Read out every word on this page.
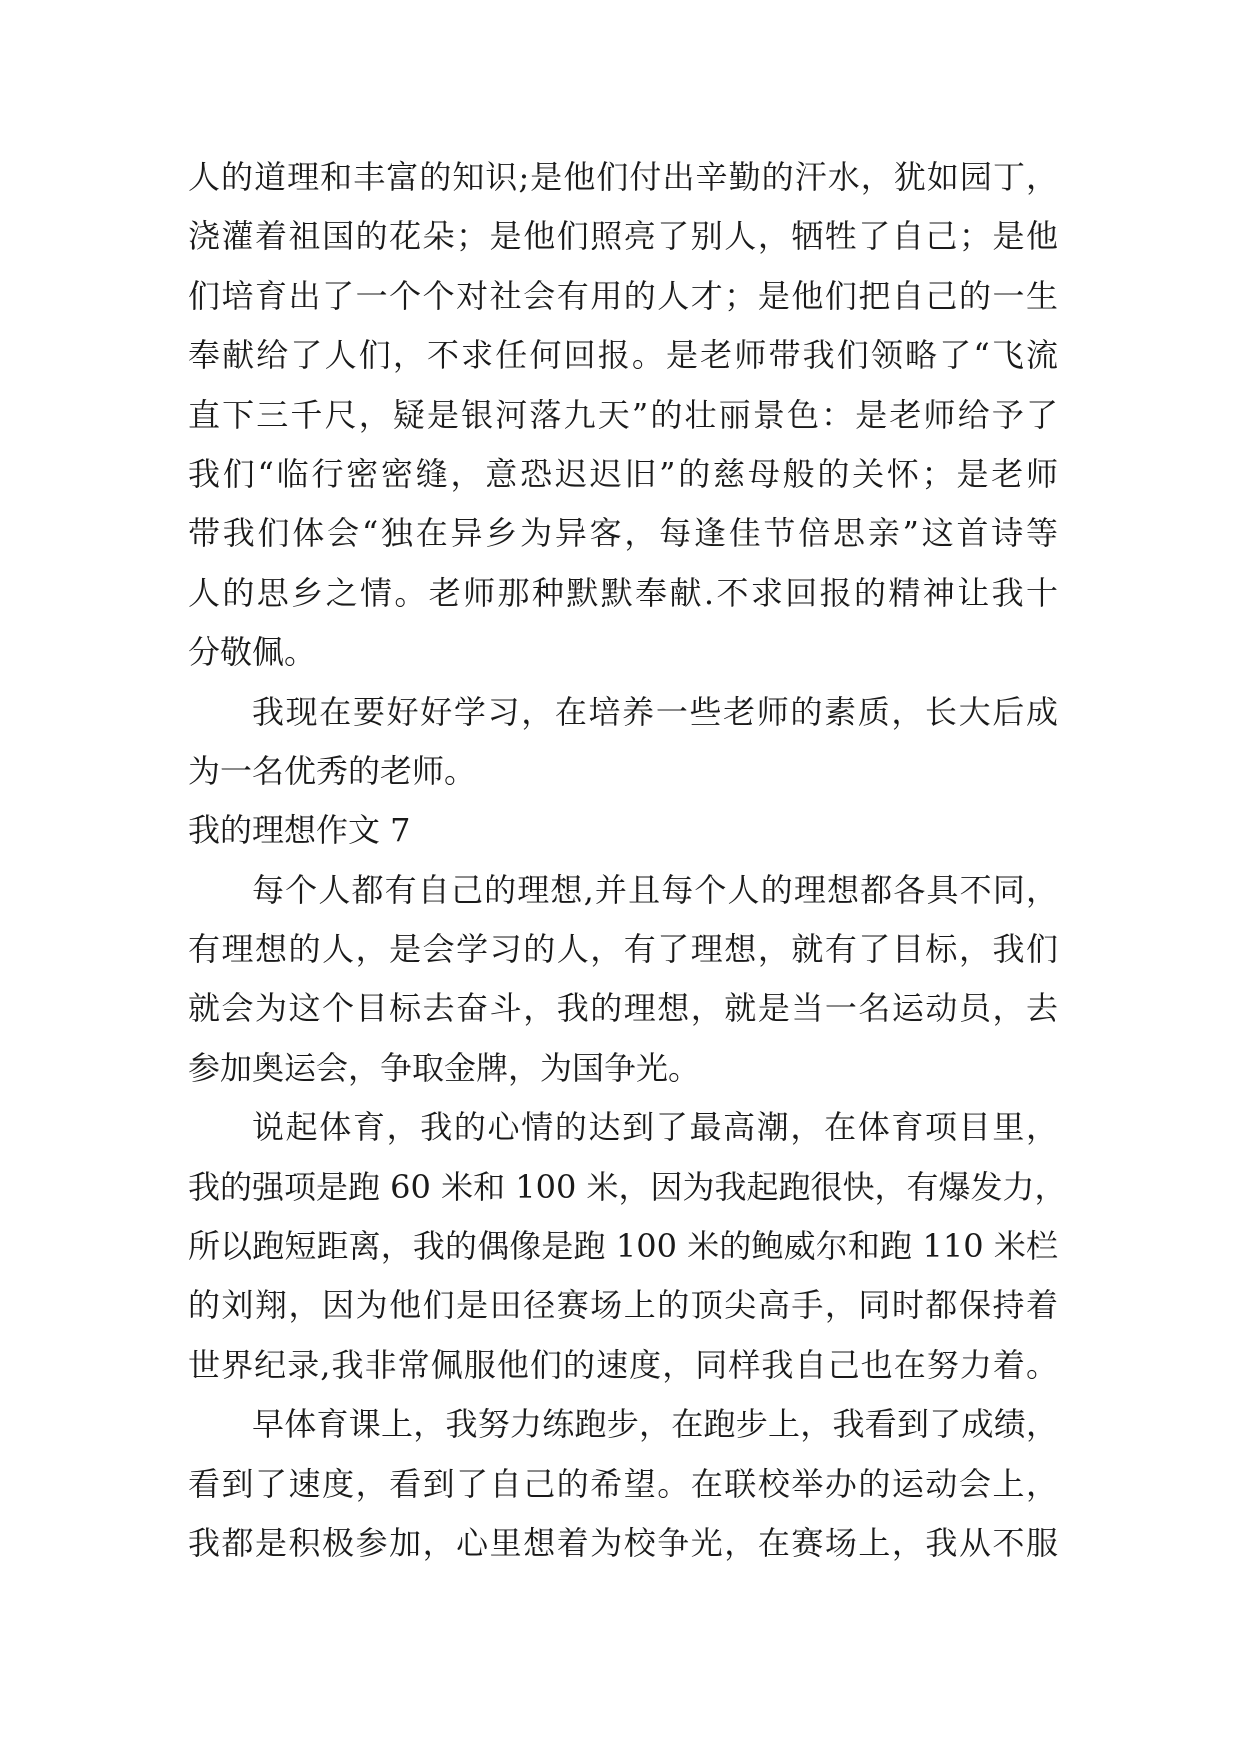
人的道理和丰富的知识;是他们付出辛勤的汗水，犹如园丁，
浇灌着祖国的花朵；是他们照亮了别人，牺牲了自己；是他
们培育出了一个个对社会有用的人才；是他们把自己的一生
奉献给了人们，不求任何回报。是老师带我们领略了“飞流
直下三千尺，疑是银河落九天”的壮丽景色：是老师给予了
我们“临行密密缝，意恐迟迟旧”的慈母般的关怀；是老师
带我们体会“独在异乡为异客，每逢佳节倍思亲”这首诗等
人的思乡之情。老师那种默默奉献.不求回报的精神让我十
分敬佩。
我现在要好好学习，在培养一些老师的素质，长大后成
为一名优秀的老师。
我的理想作文 7
每个人都有自己的理想,并且每个人的理想都各具不同，
有理想的人，是会学习的人，有了理想，就有了目标，我们
就会为这个目标去奋斗，我的理想，就是当一名运动员，去
参加奥运会，争取金牌，为国争光。
说起体育，我的心情的达到了最高潮，在体育项目里，
我的强项是跑 60 米和 100 米，因为我起跑很快，有爆发力，
所以跑短距离，我的偶像是跑 100 米的鲍威尔和跑 110 米栏
的刘翔，因为他们是田径赛场上的顶尖高手，同时都保持着
世界纪录,我非常佩服他们的速度，同样我自己也在努力着。
早体育课上，我努力练跑步，在跑步上，我看到了成绩，
看到了速度，看到了自己的希望。在联校举办的运动会上，
我都是积极参加，心里想着为校争光，在赛场上，我从不服
